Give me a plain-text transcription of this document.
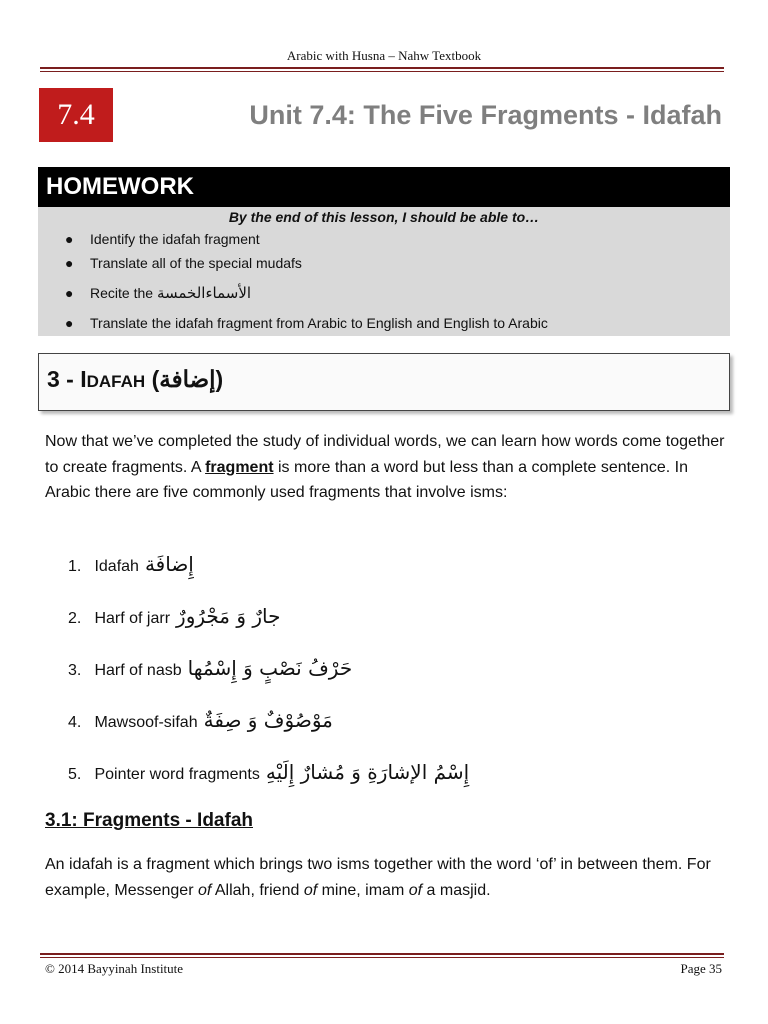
Arabic with Husna – Nahw Textbook
7.4	Unit 7.4: The Five Fragments - Idafah
HOMEWORK
By the end of this lesson, I should be able to…
● Identify the idafah fragment
● Translate all of the special mudafs
● Recite the الأسماءالخمسة
● Translate the idafah fragment from Arabic to English and English to Arabic
3 - IDAFAH (إضافة)
Now that we’ve completed the study of individual words, we can learn how words come together to create fragments. A fragment is more than a word but less than a complete sentence. In Arabic there are five commonly used fragments that involve isms:
1. Idafah إِضافَة
2. Harf of jarr جارٌ وَ مَجْرُورٌ
3. Harf of nasb حَرْفُ نَصْبٍ وَ إِسْمُها
4. Mawsoof-sifah مَوْصُوْفٌ وَ صِفَةٌ
5. Pointer word fragments إِسْمُ الإشارَةِ وَ مُشارٌ إِلَيْهِ
3.1: Fragments - Idafah
An idafah is a fragment which brings two isms together with the word ‘of’ in between them. For example, Messenger of Allah, friend of mine, imam of a masjid.
© 2014 Bayyinah Institute	Page 35
